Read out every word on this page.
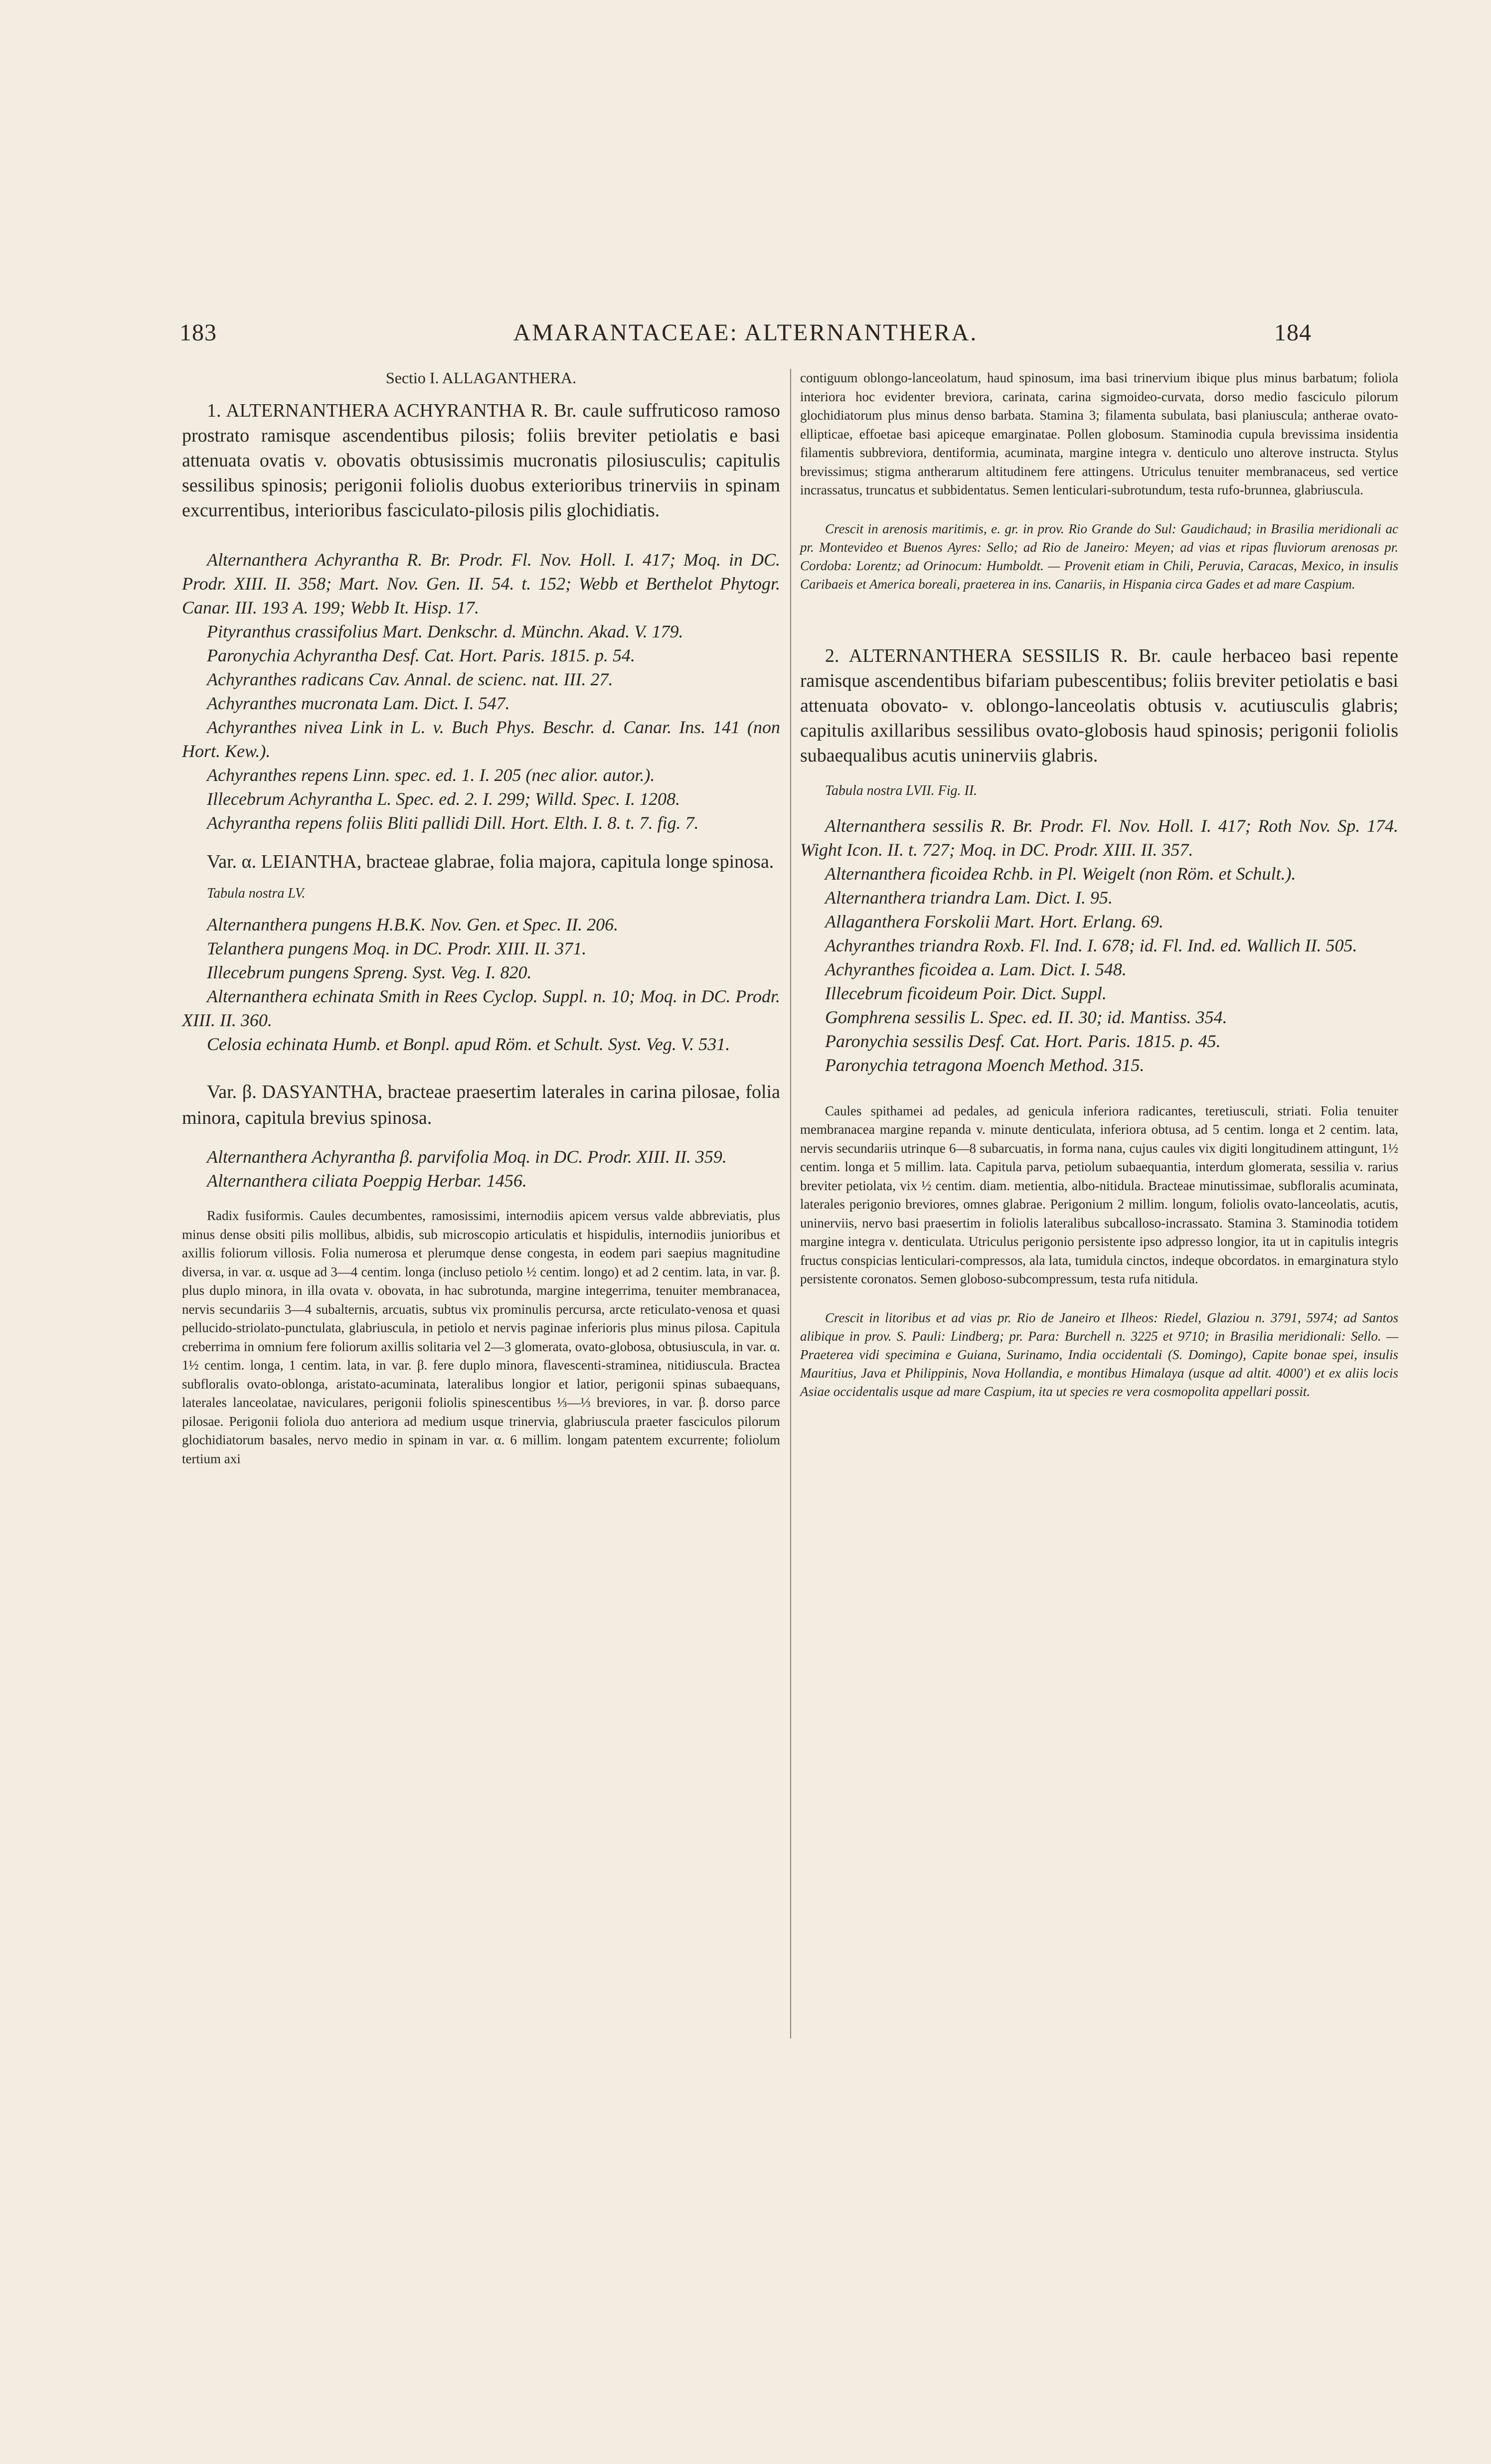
183	AMARANTACEAE: ALTERNANTHERA.	184

Sectio I. ALLAGANTHERA.

1. ALTERNANTHERA ACHYRANTHA R. Br. caule suffruticoso ramoso prostrato ramisque ascendentibus pilosis; foliis breviter petiolatis e basi attenuata ovatis v. obovatis obtusissimis mucronatis pilosiusculis; capitulis sessilibus spinosis; perigonii foliolis duobus exterioribus trinerviis in spinam excurrentibus, interioribus fasciculato-pilosis pilis glochidiatis.

Alternanthera Achyrantha R. Br. Prodr. Fl. Nov. Holl. I. 417; Moq. in DC. Prodr. XIII. II. 358; Mart. Nov. Gen. II. 54. t. 152; Webb et Berthelot Phytogr. Canar. III. 193 A. 199; Webb It. Hisp. 17.

Pityranthus crassifolius Mart. Denkschr. d. Münchn. Akad. V. 179.

Paronychia Achyrantha Desf. Cat. Hort. Paris. 1815. p. 54.

Achyranthes radicans Cav. Annal. de scienc. nat. III. 27.

Achyranthes mucronata Lam. Dict. I. 547.

Achyranthes nivea Link in L. v. Buch Phys. Beschr. d. Canar. Ins. 141 (non Hort. Kew.).

Achyranthes repens Linn. spec. ed. 1. I. 205 (nec alior. autor.).

Illecebrum Achyrantha L. Spec. ed. 2. I. 299; Willd. Spec. I. 1208.

Achyrantha repens foliis Bliti pallidi Dill. Hort. Elth. I. 8. t. 7. fig. 7.

Var. α. LEIANTHA, bracteae glabrae, folia majora, capitula longe spinosa.

Tabula nostra LV.

Alternanthera pungens H.B.K. Nov. Gen. et Spec. II. 206.

Telanthera pungens Moq. in DC. Prodr. XIII. II. 371.

Illecebrum pungens Spreng. Syst. Veg. I. 820.

Alternanthera echinata Smith in Rees Cyclop. Suppl. n. 10; Moq. in DC. Prodr. XIII. II. 360.

Celosia echinata Humb. et Bonpl. apud Röm. et Schult. Syst. Veg. V. 531.

Var. β. DASYANTHA, bracteae praesertim laterales in carina pilosae, folia minora, capitula brevius spinosa.

Alternanthera Achyrantha β. parvifolia Moq. in DC. Prodr. XIII. II. 359.

Alternanthera ciliata Poeppig Herbar. 1456.

Radix fusiformis. Caules decumbentes, ramosissimi, internodiis apicem versus valde abbreviatis, plus minus dense obsiti pilis mollibus, albidis, sub microscopio articulatis et hispidulis, internodiis junioribus et axillis foliorum villosis. Folia numerosa et plerumque dense congesta, in eodem pari saepius magnitudine diversa, in var. α. usque ad 3—4 centim. longa (incluso petiolo ½ centim. longo) et ad 2 centim. lata, in var. β. plus duplo minora, in illa ovata v. obovata, in hac subrotunda, margine integerrima, tenuiter membranacea, nervis secundariis 3—4 subalternis, arcuatis, subtus vix prominulis percursa, arcte reticulato-venosa et quasi pellucido-striolato-punctulata, glabriuscula, in petiolo et nervis paginae inferioris plus minus pilosa. Capitula creberrima in omnium fere foliorum axillis solitaria vel 2—3 glomerata, ovato-globosa, obtusiuscula, in var. α. 1½ centim. longa, 1 centim. lata, in var. β. fere duplo minora, flavescenti-straminea, nitidiuscula. Bractea subfloralis ovato-oblonga, aristato-acuminata, lateralibus longior et latior, perigonii spinas subaequans, laterales lanceolatae, naviculares, perigonii foliolis spinescentibus ⅓—⅓ breviores, in var. β. dorso parce pilosae. Perigonii foliola duo anteriora ad medium usque trinervia, glabriuscula praeter fasciculos pilorum glochidiatorum basales, nervo medio in spinam in var. α. 6 millim. longam patentem excurrente; foliolum tertium axi

contiguum oblongo-lanceolatum, haud spinosum, ima basi trinervium ibique plus minus barbatum; foliola interiora hoc evidenter breviora, carinata, carina sigmoideo-curvata, dorso medio fasciculo pilorum glochidiatorum plus minus denso barbata. Stamina 3; filamenta subulata, basi planiuscula; antherae ovato-ellipticae, effoetae basi apiceque emarginatae. Pollen globosum. Staminodia cupula brevissima insidentia filamentis subbreviora, dentiformia, acuminata, margine integra v. denticulo uno alterove instructa. Stylus brevissimus; stigma antherarum altitudinem fere attingens. Utriculus tenuiter membranaceus, sed vertice incrassatus, truncatus et subbidentatus. Semen lenticulari-subrotundum, testa rufo-brunnea, glabriuscula.

Crescit in arenosis maritimis, e. gr. in prov. Rio Grande do Sul: Gaudichaud; in Brasilia meridionali ac pr. Montevideo et Buenos Ayres: Sello; ad Rio de Janeiro: Meyen; ad vias et ripas fluviorum arenosas pr. Cordoba: Lorentz; ad Orinocum: Humboldt. — Provenit etiam in Chili, Peruvia, Caracas, Mexico, in insulis Caribaeis et America boreali, praeterea in ins. Canariis, in Hispania circa Gades et ad mare Caspium.

2. ALTERNANTHERA SESSILIS R. Br. caule herbaceo basi repente ramisque ascendentibus bifariam pubescentibus; foliis breviter petiolatis e basi attenuata obovato- v. oblongo-lanceolatis obtusis v. acutiusculis glabris; capitulis axillaribus sessilibus ovato-globosis haud spinosis; perigonii foliolis subaequalibus acutis uninerviis glabris.

Tabula nostra LVII. Fig. II.

Alternanthera sessilis R. Br. Prodr. Fl. Nov. Holl. I. 417; Roth Nov. Sp. 174. Wight Icon. II. t. 727; Moq. in DC. Prodr. XIII. II. 357.

Alternanthera ficoidea Rchb. in Pl. Weigelt (non Röm. et Schult.).

Alternanthera triandra Lam. Dict. I. 95.

Allaganthera Forskolii Mart. Hort. Erlang. 69.

Achyranthes triandra Roxb. Fl. Ind. I. 678; id. Fl. Ind. ed. Wallich II. 505.

Achyranthes ficoidea a. Lam. Dict. I. 548.

Illecebrum ficoideum Poir. Dict. Suppl.

Gomphrena sessilis L. Spec. ed. II. 30; id. Mantiss. 354.

Paronychia sessilis Desf. Cat. Hort. Paris. 1815. p. 45.

Paronychia tetragona Moench Method. 315.

Caules spithamei ad pedales, ad genicula inferiora radicantes, teretiusculi, striati. Folia tenuiter membranacea margine repanda v. minute denticulata, inferiora obtusa, ad 5 centim. longa et 2 centim. lata, nervis secundariis utrinque 6—8 subarcuatis, in forma nana, cujus caules vix digiti longitudinem attingunt, 1½ centim. longa et 5 millim. lata. Capitula parva, petiolum subaequantia, interdum glomerata, sessilia v. rarius breviter petiolata, vix ½ centim. diam. metientia, albo-nitidula. Bracteae minutissimae, subfloralis acuminata, laterales perigonio breviores, omnes glabrae. Perigonium 2 millim. longum, foliolis ovato-lanceolatis, acutis, uninerviis, nervo basi praesertim in foliolis lateralibus subcalloso-incrassato. Stamina 3. Staminodia totidem margine integra v. denticulata. Utriculus perigonio persistente ipso adpresso longior, ita ut in capitulis integris fructus conspicias lenticulari-compressos, ala lata, tumidula cinctos, indeque obcordatos. in emarginatura stylo persistente coronatos. Semen globoso-subcompressum, testa rufa nitidula.

Crescit in litoribus et ad vias pr. Rio de Janeiro et Ilheos: Riedel, Glaziou n. 3791, 5974; ad Santos alibique in prov. S. Pauli: Lindberg; pr. Para: Burchell n. 3225 et 9710; in Brasilia meridionali: Sello. — Praeterea vidi specimina e Guiana, Surinamo, India occidentali (S. Domingo), Capite bonae spei, insulis Mauritius, Java et Philippinis, Nova Hollandia, e montibus Himalaya (usque ad altit. 4000') et ex aliis locis Asiae occidentalis usque ad mare Caspium, ita ut species re vera cosmopolita appellari possit.
